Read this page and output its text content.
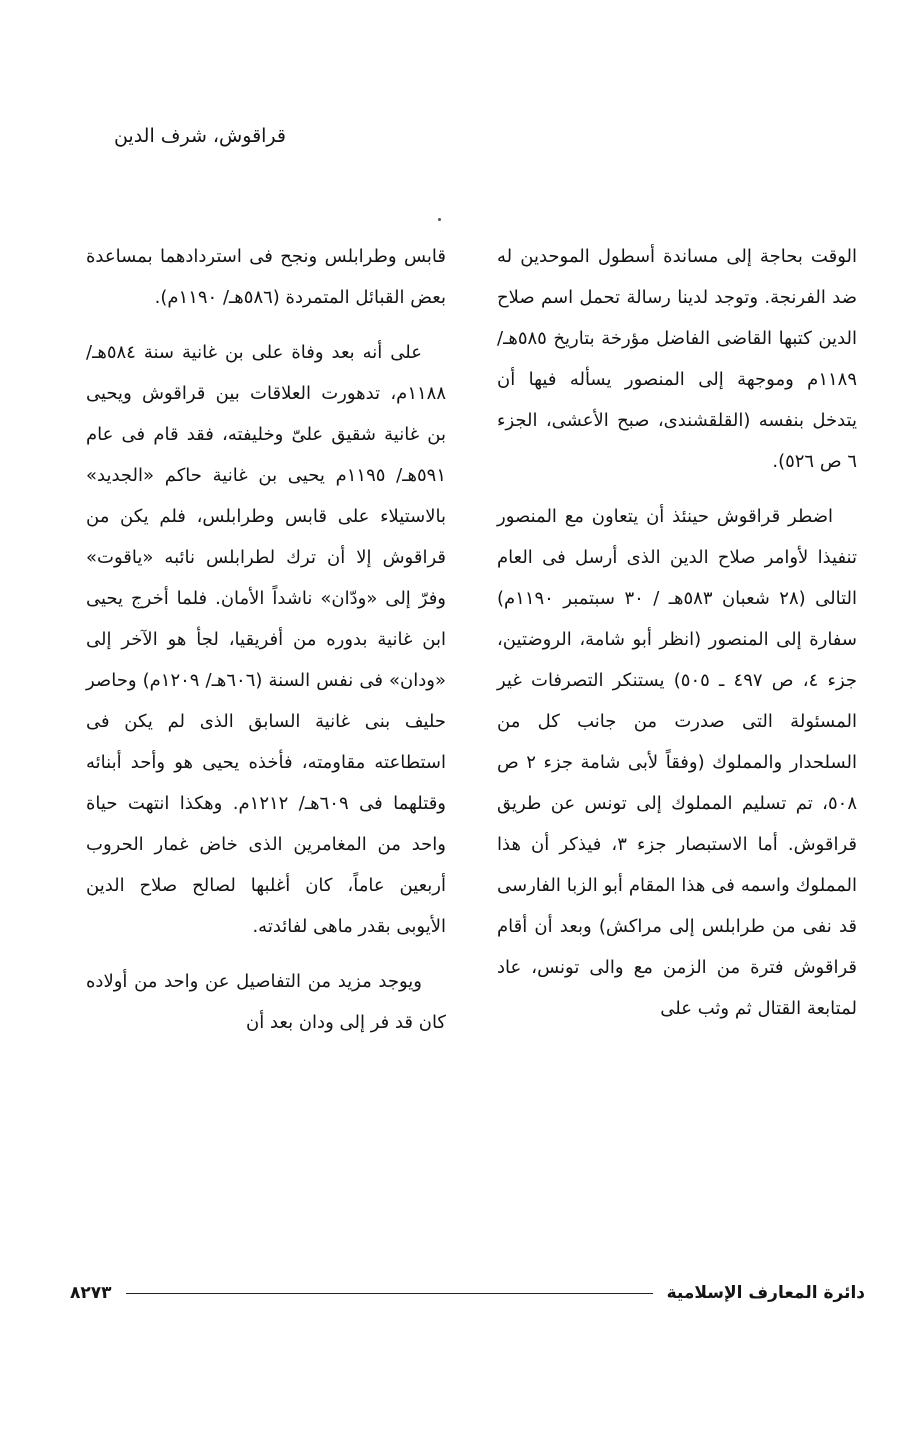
قراقوش، شرف الدين

الوقت بحاجة إلى مساندة أسطول الموحدين له ضد الفرنجة. وتوجد لدينا رسالة تحمل اسم صلاح الدين كتبها القاضى الفاضل مؤرخة بتاريخ ٥٨٥هـ/ ١١٨٩م وموجهة إلى المنصور يسأله فيها أن يتدخل بنفسه (القلقشندى، صبح الأعشى، الجزء ٦ ص ٥٢٦).

اضطر قراقوش حينئذ أن يتعاون مع المنصور تنفيذا لأوامر صلاح الدين الذى أرسل فى العام التالى (٢٨ شعبان ٥٨٣هـ / ٣٠ سبتمبر ١١٩٠م) سفارة إلى المنصور (انظر أبو شامة، الروضتين، جزء ٤، ص ٤٩٧ ـ ٥٠٥) يستنكر التصرفات غير المسئولة التى صدرت من جانب كل من السلحدار والمملوك (وفقاً لأبى شامة جزء ٢ ص ٥٠٨، تم تسليم المملوك إلى تونس عن طريق قراقوش. أما الاستبصار جزء ٣، فيذكر أن هذا المملوك واسمه فى هذا المقام أبو الزبا الفارسى قد نفى من طرابلس إلى مراكش) وبعد أن أقام قراقوش فترة من الزمن مع والى تونس، عاد لمتابعة القتال ثم وثب على

قابس وطرابلس ونجح فى استردادهما بمساعدة بعض القبائل المتمردة (٥٨٦هـ/ ١١٩٠م).

على أنه بعد وفاة على بن غانية سنة ٥٨٤هـ/ ١١٨٨م، تدهورت العلاقات بين قراقوش ويحيى بن غانية شقيق علىّ وخليفته، فقد قام فى عام ٥٩١هـ/ ١١٩٥م يحيى بن غانية حاكم «الجديد» بالاستيلاء على قابس وطرابلس، فلم يكن من قراقوش إلا أن ترك لطرابلس نائبه «ياقوت» وفرّ إلى «ودّان» ناشداً الأمان. فلما أخرج يحيى ابن غانية بدوره من أفريقيا، لجأ هو الآخر إلى «ودان» فى نفس السنة (٦٠٦هـ/ ١٢٠٩م) وحاصر حليف بنى غانية السابق الذى لم يكن فى استطاعته مقاومته، فأخذه يحيى هو وأحد أبنائه وقتلهما فى ٦٠٩هـ/ ١٢١٢م. وهكذا انتهت حياة واحد من المغامرين الذى خاض غمار الحروب أربعين عاماً، كان أغلبها لصالح صلاح الدين الأيوبى بقدر ماهى لفائدته.

ويوجد مزيد من التفاصيل عن واحد من أولاده كان قد فر إلى ودان بعد أن

دائرة المعارف الإسلامية
٨٢٧٣
